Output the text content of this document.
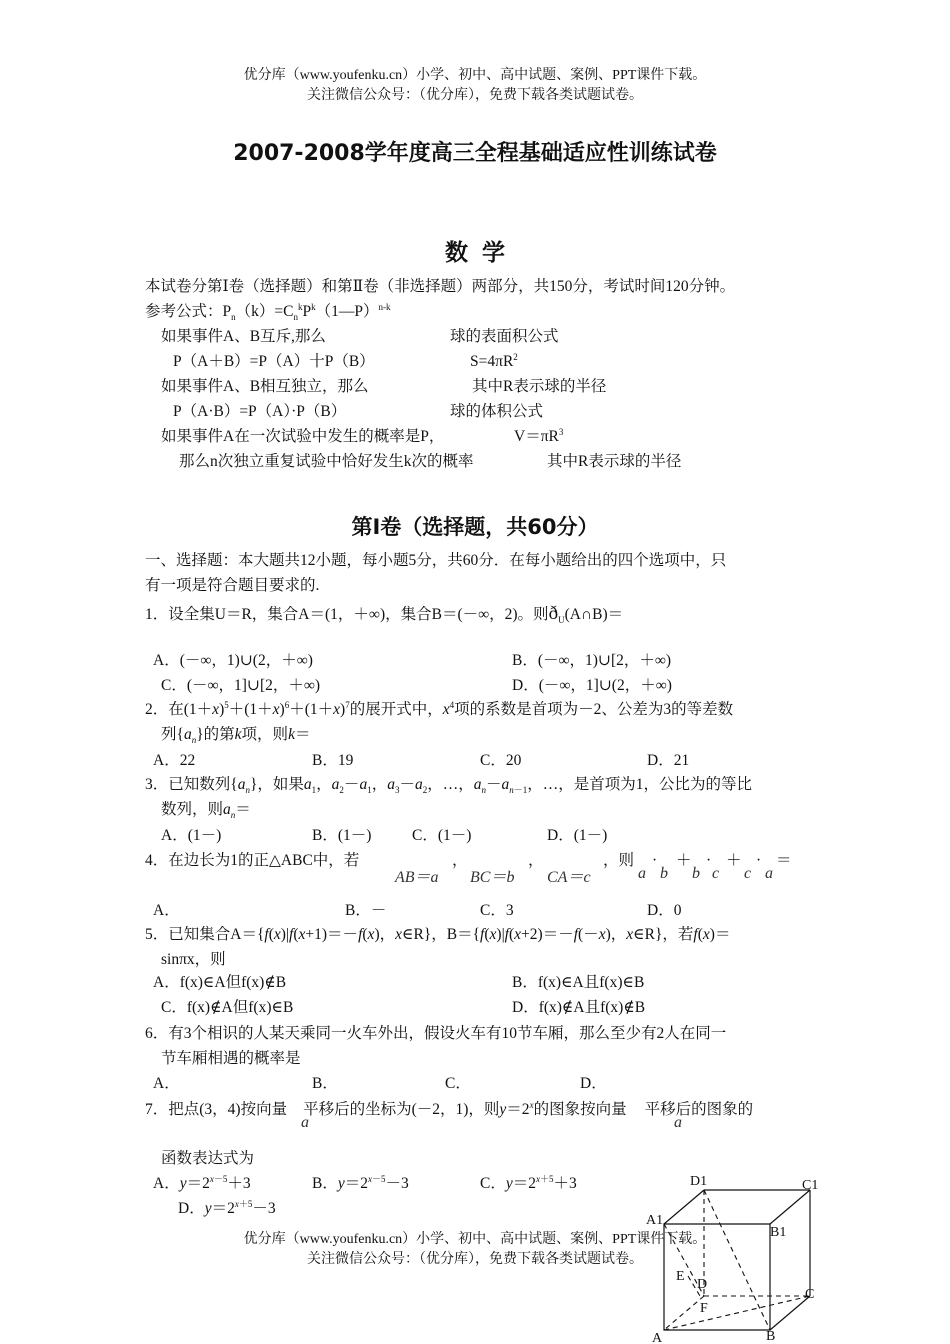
优分库（www.youfenku.cn）小学、初中、高中试题、案例、PPT课件下载。
关注微信公众号：（优分库），免费下载各类试题试卷。
2007-2008学年度高三全程基础适应性训练试卷
数学
本试卷分第Ⅰ卷（选择题）和第Ⅱ卷（非选择题）两部分，共150分，考试时间120分钟。
参考公式：$P_n(k)=C_n^kP^k(1—P)^{n-k}$
如果事件A、B互斥,那么	球的表面积公式
P（A＋B）=P（A）十P（B）	$S=4\pi R^2$
如果事件A、B相互独立，那么	其中R表示球的半径
P（A·B）=P（A）·P（B）	球的体积公式
如果事件A在一次试验中发生的概率是P，	$V=\pi R^3$
那么n次独立重复试验中恰好发生k次的概率	其中R表示球的半径
第I卷（选择题，共60分）
一、选择题：本大题共12小题，每小题5分，共60分．在每小题给出的四个选项中，只
有一项是符合题目要求的.
1．设全集U＝R，集合A＝(1，＋∞)，集合B＝(－∞，2)。则$ð_U(A\cap B)=$
A．(－∞，1)∪(2，＋∞)	B．(－∞，1)∪[2，＋∞)
C．(－∞，1]∪[2，＋∞)	D．(－∞，1]∪(2，＋∞)
2．在$(1+x)^5+(1+x)^6+(1+x)^7$的展开式中，$x^4$项的系数是首项为－2、公差为3的等差数
列$\{a_n\}$的第k项，则k＝
A．22	B．19	C．20	D．21
3．已知数列$\{a_n\}$，如果$a_1$，$a_2-a_1$，$a_3-a_2$，…，$a_n-a_{n-1}$，…，是首项为1，公比为的等比
数列，则$a_n=$
A．(1－)	B．(1－)	C．(1－)	D．(1－)
4．在边长为1的正△ABC中，若	，	，	，则
AB＝a BC＝b CA＝c
· ＋ · ＋ · ＝
a b b c c a
A．	B．－	C．3	D．0
5．已知集合A＝{f(x)|f(x+1)＝－f(x)，x∈R}，B＝{f(x)|f(x+2)＝－f(－x)，x∈R}，若f(x)＝
sinπx，则
A．f(x)∈A但f(x)∉B	B．f(x)∈A且f(x)∈B
C．f(x)∉A但f(x)∈B	D．f(x)∉A且f(x)∉B
6．有3个相识的人某天乘同一火车外出，假设火车有10节车厢，那么至少有2人在同一
节车厢相遇的概率是
A．	B．	C．	D．
7．把点(3，4)按向量 平移后的坐标为(－2，1)，则$y=2^x$的图象按向量 平移后的图象的
a	a
函数表达式为
A．$y=2^{x-5}+3$	B．$y=2^{x-5}-3$	C．$y=2^{x+5}+3$
D．$y=2^{x+5}-3$
D1	C1
A1
B1
E
D
F
C
A	B
优分库（www.youfenku.cn）小学、初中、高中试题、案例、PPT课件下载。
关注微信公众号：（优分库），免费下载各类试题试卷。
